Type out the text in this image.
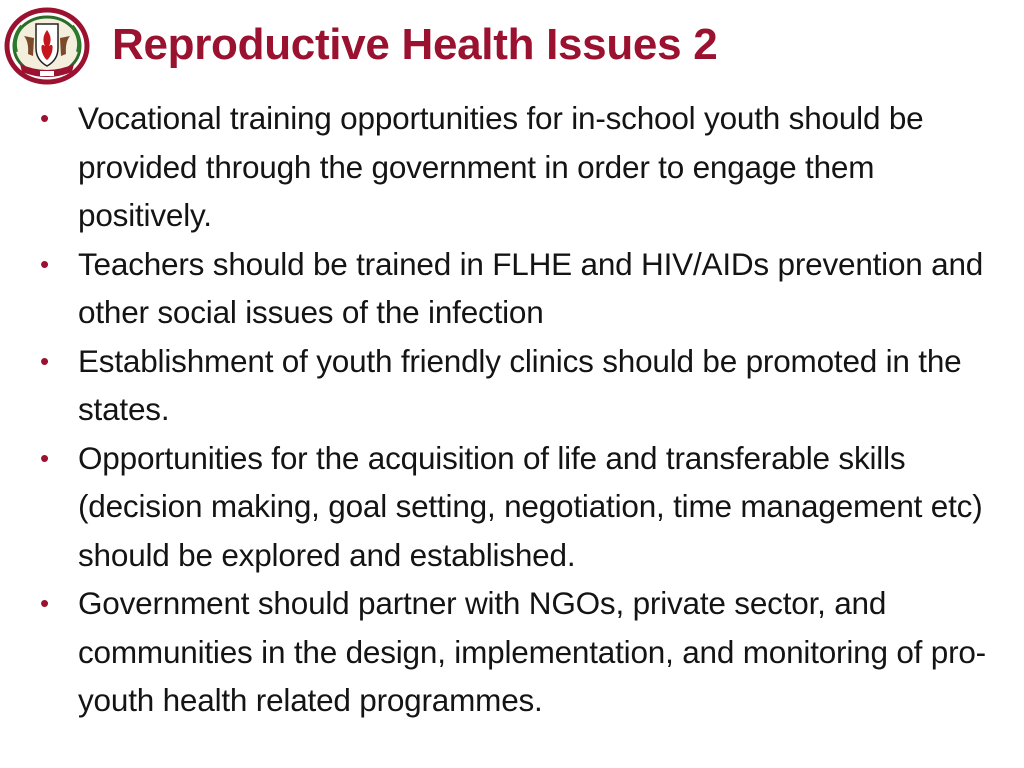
Reproductive Health Issues 2
• Vocational training opportunities for in-school youth should be provided through the government in order to engage them positively.
• Teachers should be trained in FLHE and HIV/AIDs prevention and other social issues of the infection
• Establishment of youth friendly clinics should be promoted in the states.
• Opportunities for the acquisition of life and transferable skills (decision making, goal setting, negotiation, time management etc) should be explored and established.
• Government should partner with NGOs, private sector, and communities in the design, implementation, and monitoring of pro-youth health related programmes.
